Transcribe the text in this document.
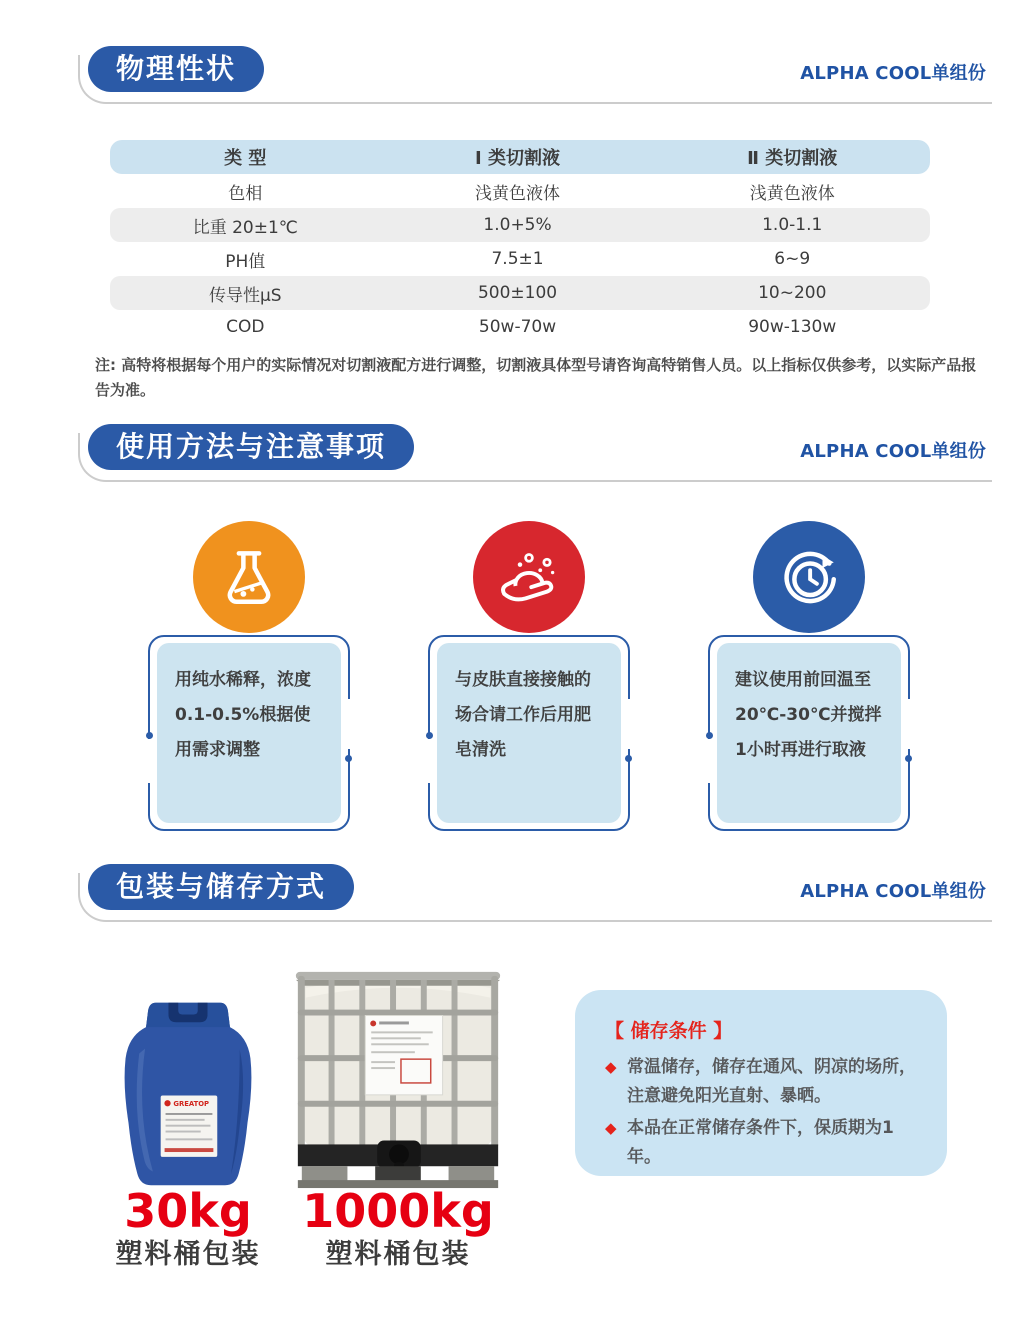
物理性状	ALPHA COOL单组份
类 型	Ⅰ 类切割液	Ⅱ 类切割液
色相	浅黄色液体	浅黄色液体
比重 20±1℃	1.0+5%	1.0-1.1
PH值	7.5±1	6~9
传导性μS	500±100	10~200
COD	50w-70w	90w-130w

注: 高特将根据每个用户的实际情况对切割液配方进行调整，切割液具体型号请咨询高特销售人员。以上指标仅供参考，以实际产品报告为准。

使用方法与注意事项	ALPHA COOL单组份
用纯水稀释，浓度0.1-0.5%根据使用需求调整
与皮肤直接接触的场合请工作后用肥皂清洗
建议使用前回温至20℃-30℃并搅拌1小时再进行取液
包装与储存方式	ALPHA COOL单组份
GREATOP
30kg
塑料桶包装
1000kg
塑料桶包装
【 储存条件 】
◆ 常温储存，储存在通风、阴凉的场所，注意避免阳光直射、暴晒。
◆ 本品在正常储存条件下，保质期为1年。
